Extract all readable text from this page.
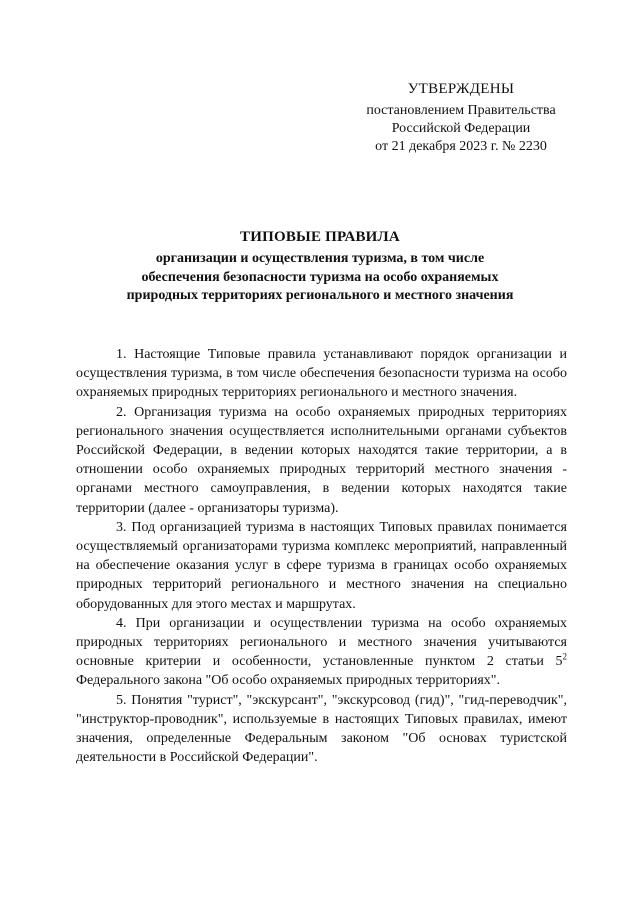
УТВЕРЖДЕНЫ
постановлением Правительства
Российской Федерации
от 21 декабря 2023 г. № 2230
ТИПОВЫЕ ПРАВИЛА
организации и осуществления туризма, в том числе
обеспечения безопасности туризма на особо охраняемых
природных территориях регионального и местного значения

1. Настоящие Типовые правила устанавливают порядок организации и осуществления туризма, в том числе обеспечения безопасности туризма на особо охраняемых природных территориях регионального и местного значения.

2. Организация туризма на особо охраняемых природных территориях регионального значения осуществляется исполнительными органами субъектов Российской Федерации, в ведении которых находятся такие территории, а в отношении особо охраняемых природных территорий местного значения - органами местного самоуправления, в ведении которых находятся такие территории (далее - организаторы туризма).

3. Под организацией туризма в настоящих Типовых правилах понимается осуществляемый организаторами туризма комплекс мероприятий, направленный на обеспечение оказания услуг в сфере туризма в границах особо охраняемых природных территорий регионального и местного значения на специально оборудованных для этого местах и маршрутах.

4. При организации и осуществлении туризма на особо охраняемых природных территориях регионального и местного значения учитываются основные критерии и особенности, установленные пунктом 2 статьи $5^2$ Федерального закона "Об особо охраняемых природных территориях".

5. Понятия "турист", "экскурсант", "экскурсовод (гид)", "гид-переводчик", "инструктор-проводник", используемые в настоящих Типовых правилах, имеют значения, определенные Федеральным законом "Об основах туристской деятельности в Российской Федерации".
